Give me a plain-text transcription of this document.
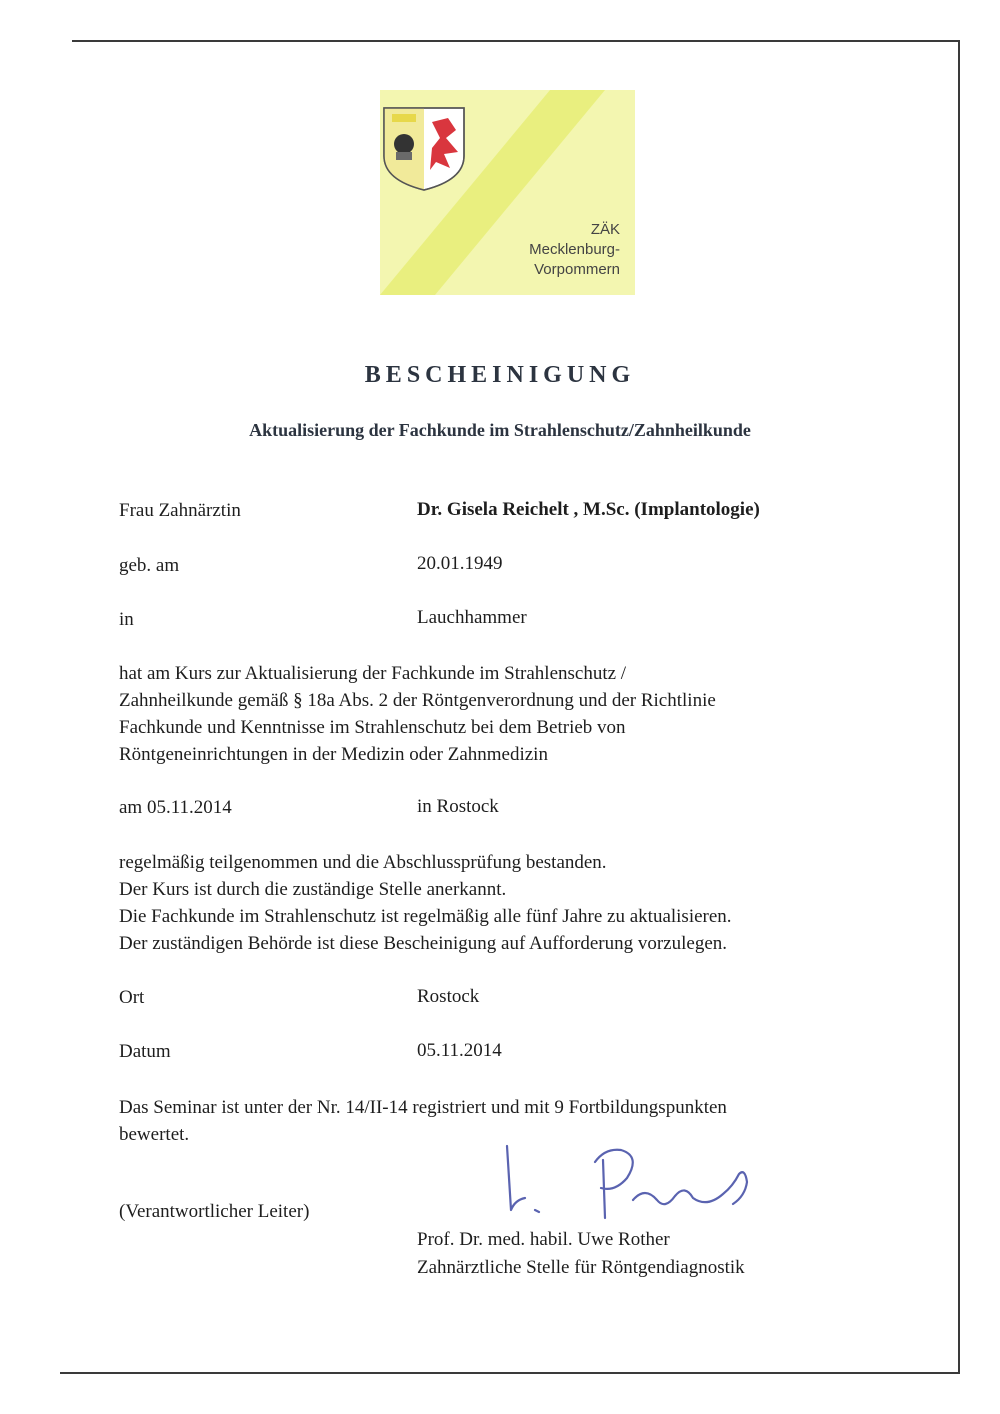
ZÄK
Mecklenburg-
Vorpommern
BESCHEINIGUNG
Aktualisierung der Fachkunde im Strahlenschutz/Zahnheilkunde
Frau Zahnärztin	Dr. Gisela Reichelt , M.Sc. (Implantologie)
geb. am	20.01.1949
in	Lauchhammer
hat am Kurs zur Aktualisierung der Fachkunde im Strahlenschutz /
Zahnheilkunde gemäß § 18a Abs. 2 der Röntgenverordnung und der Richtlinie
Fachkunde und Kenntnisse im Strahlenschutz bei dem Betrieb von
Röntgeneinrichtungen in der Medizin oder Zahnmedizin
am 05.11.2014	in Rostock
regelmäßig teilgenommen und die Abschlussprüfung bestanden.
Der Kurs ist durch die zuständige Stelle anerkannt.
Die Fachkunde im Strahlenschutz ist regelmäßig alle fünf Jahre zu aktualisieren.
Der zuständigen Behörde ist diese Bescheinigung auf Aufforderung vorzulegen.
Ort	Rostock
Datum	05.11.2014
Das Seminar ist unter der Nr. 14/II-14 registriert und mit 9 Fortbildungspunkten
bewertet.
(Verantwortlicher Leiter)
Prof. Dr. med. habil. Uwe Rother
Zahnärztliche Stelle für Röntgendiagnostik
